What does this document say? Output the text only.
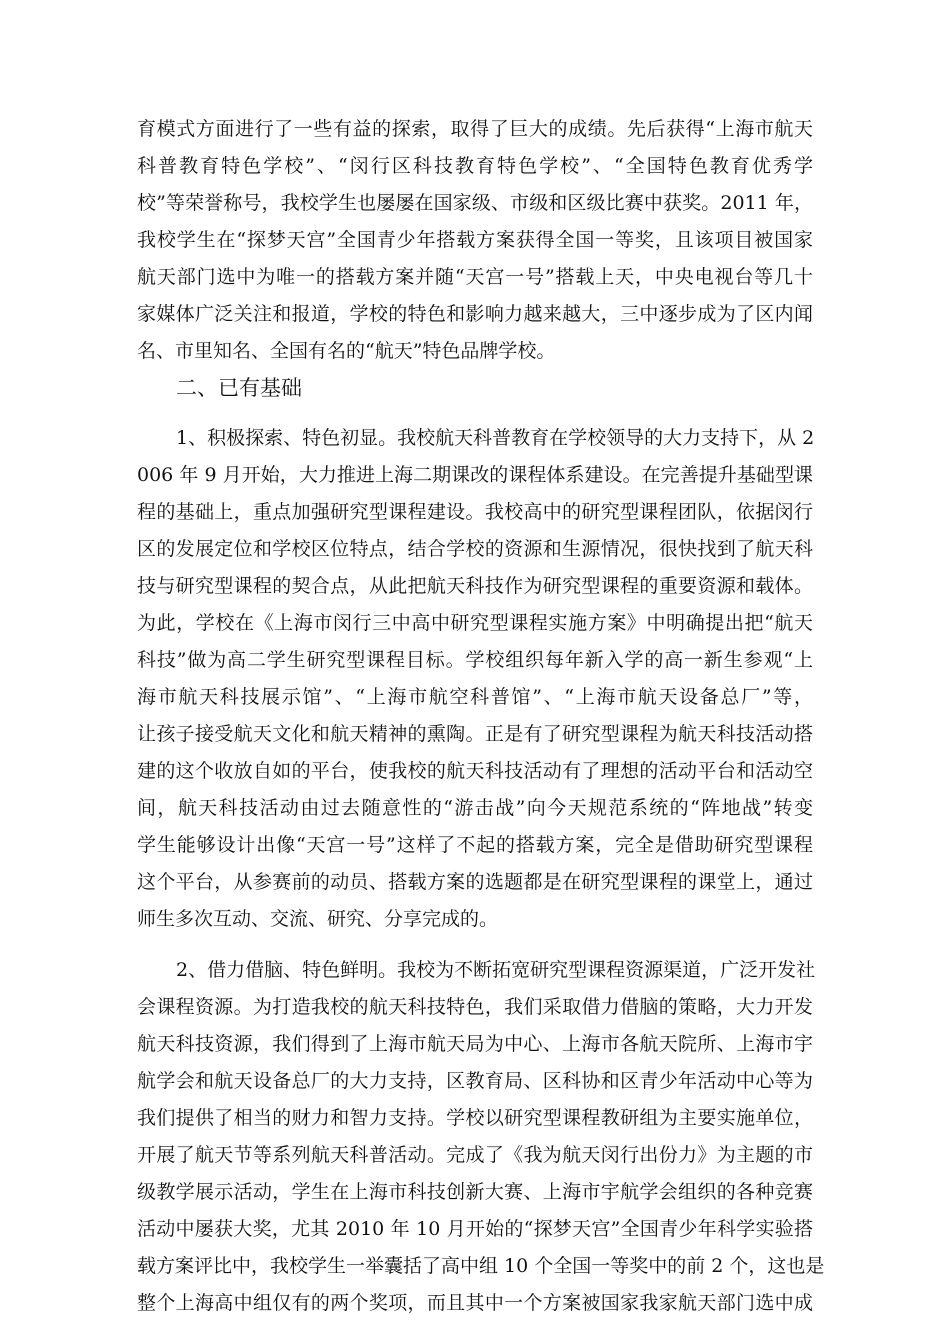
育模式方面进行了一些有益的探索，取得了巨大的成绩。先后获得“上海市航天
科普教育特色学校”、“闵行区科技教育特色学校”、“全国特色教育优秀学
校”等荣誉称号，我校学生也屡屡在国家级、市级和区级比赛中获奖。2011 年，
我校学生在“探梦天宫”全国青少年搭载方案获得全国一等奖，且该项目被国家
航天部门选中为唯一的搭载方案并随“天宫一号”搭载上天，中央电视台等几十
家媒体广泛关注和报道，学校的特色和影响力越来越大，三中逐步成为了区内闻
名、市里知名、全国有名的“航天”特色品牌学校。
二、已有基础
1、积极探索、特色初显。我校航天科普教育在学校领导的大力支持下，从 2
006 年 9 月开始，大力推进上海二期课改的课程体系建设。在完善提升基础型课
程的基础上，重点加强研究型课程建设。我校高中的研究型课程团队，依据闵行
区的发展定位和学校区位特点，结合学校的资源和生源情况，很快找到了航天科
技与研究型课程的契合点，从此把航天科技作为研究型课程的重要资源和载体。
为此，学校在《上海市闵行三中高中研究型课程实施方案》中明确提出把“航天
科技”做为高二学生研究型课程目标。学校组织每年新入学的高一新生参观“上
海市航天科技展示馆”、“上海市航空科普馆”、“上海市航天设备总厂”等，
让孩子接受航天文化和航天精神的熏陶。正是有了研究型课程为航天科技活动搭
建的这个收放自如的平台，使我校的航天科技活动有了理想的活动平台和活动空
间，航天科技活动由过去随意性的“游击战”向今天规范系统的“阵地战”转变
学生能够设计出像“天宫一号”这样了不起的搭载方案，完全是借助研究型课程
这个平台，从参赛前的动员、搭载方案的选题都是在研究型课程的课堂上，通过
师生多次互动、交流、研究、分享完成的。
2、借力借脑、特色鲜明。我校为不断拓宽研究型课程资源渠道，广泛开发社
会课程资源。为打造我校的航天科技特色，我们采取借力借脑的策略，大力开发
航天科技资源，我们得到了上海市航天局为中心、上海市各航天院所、上海市宇
航学会和航天设备总厂的大力支持，区教育局、区科协和区青少年活动中心等为
我们提供了相当的财力和智力支持。学校以研究型课程教研组为主要实施单位，
开展了航天节等系列航天科普活动。完成了《我为航天闵行出份力》为主题的市
级教学展示活动，学生在上海市科技创新大赛、上海市宇航学会组织的各种竞赛
活动中屡获大奖，尤其 2010 年 10 月开始的“探梦天宫”全国青少年科学实验搭
载方案评比中，我校学生一举囊括了高中组 10 个全国一等奖中的前 2 个，这也是
整个上海高中组仅有的两个奖项，而且其中一个方案被国家我家航天部门选中成
